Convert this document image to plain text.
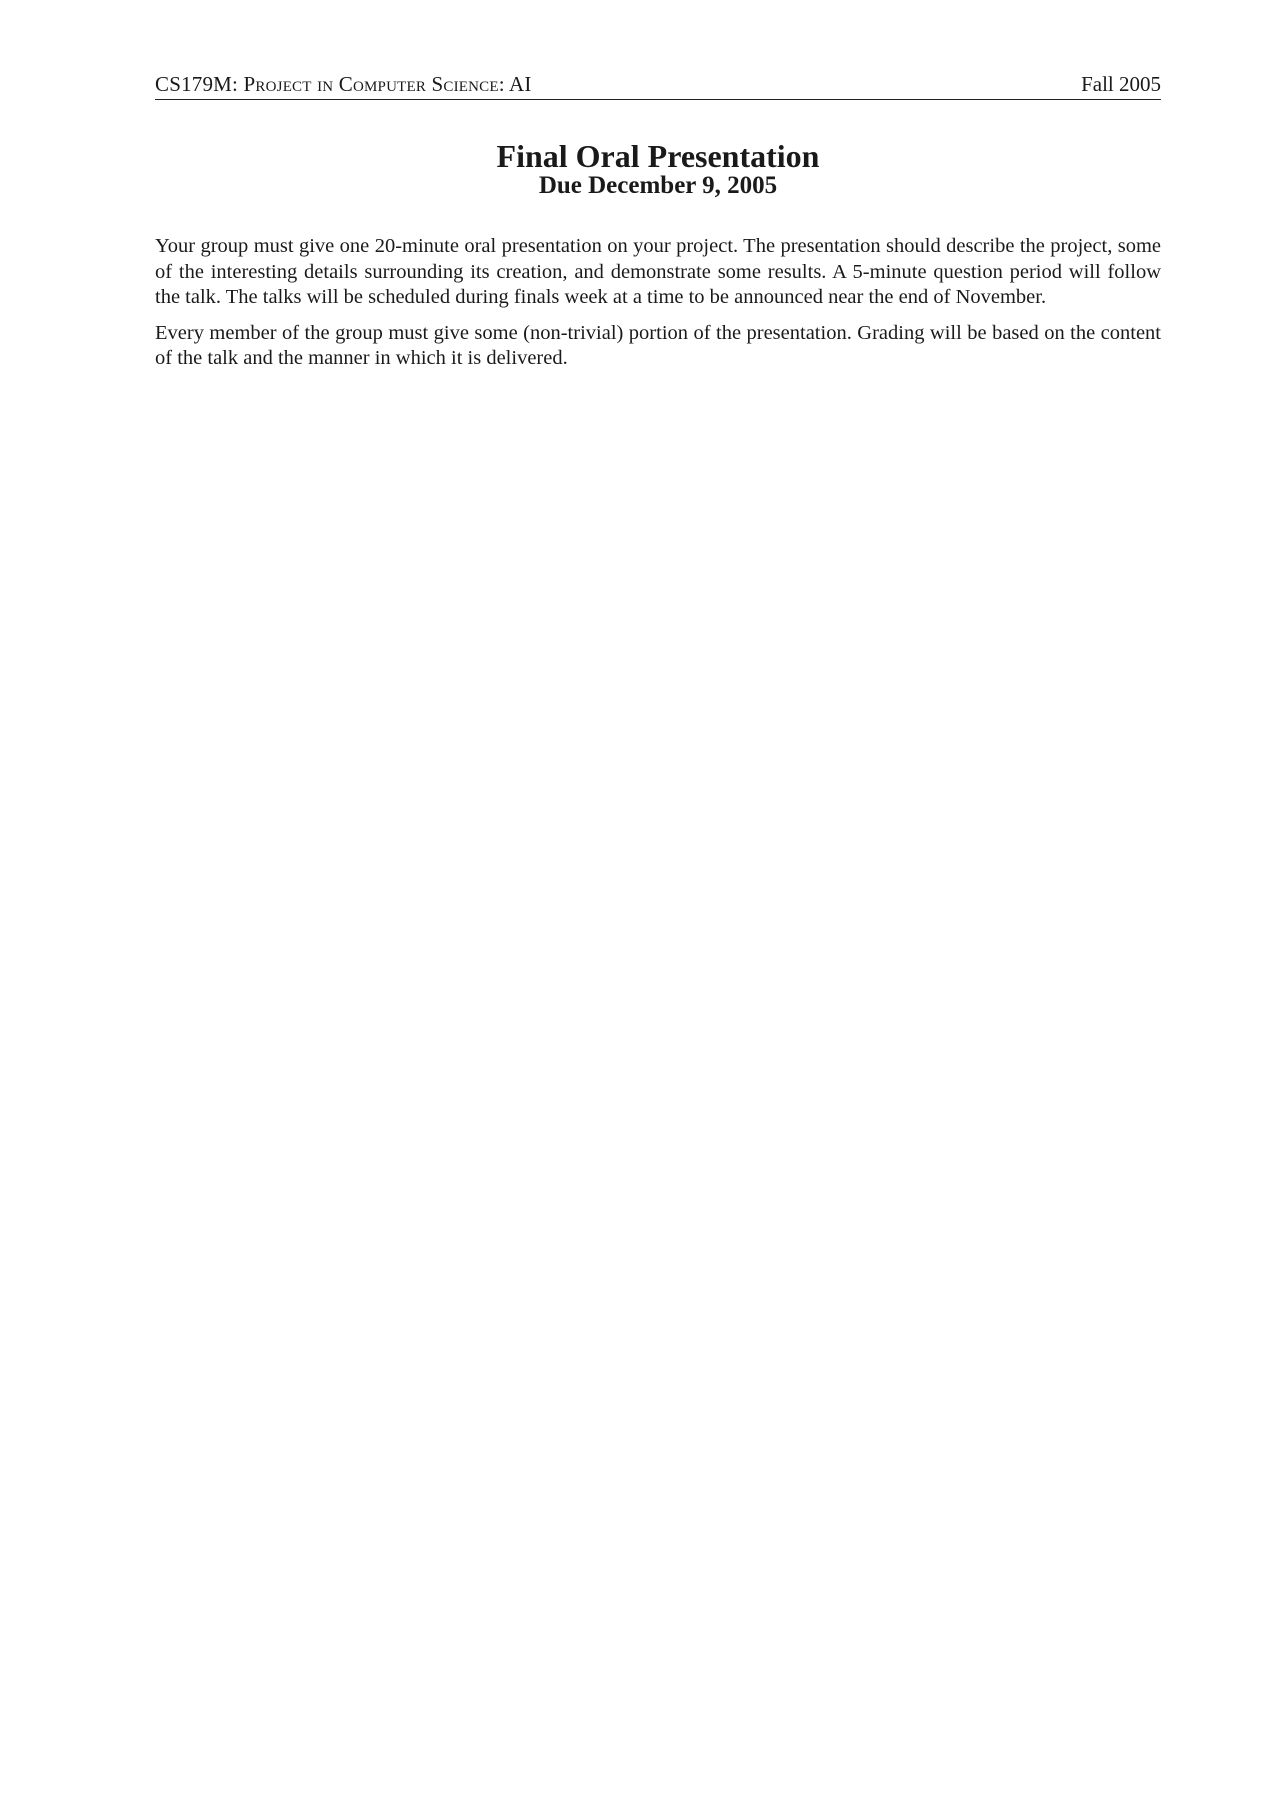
CS179M: Project in Computer Science: AI	Fall 2005
Final Oral Presentation
Due December 9, 2005

Your group must give one 20-minute oral presentation on your project. The presentation should describe the project, some of the interesting details surrounding its creation, and demonstrate some results. A 5-minute question period will follow the talk. The talks will be scheduled during finals week at a time to be announced near the end of November.

Every member of the group must give some (non-trivial) portion of the presentation. Grading will be based on the content of the talk and the manner in which it is delivered.
